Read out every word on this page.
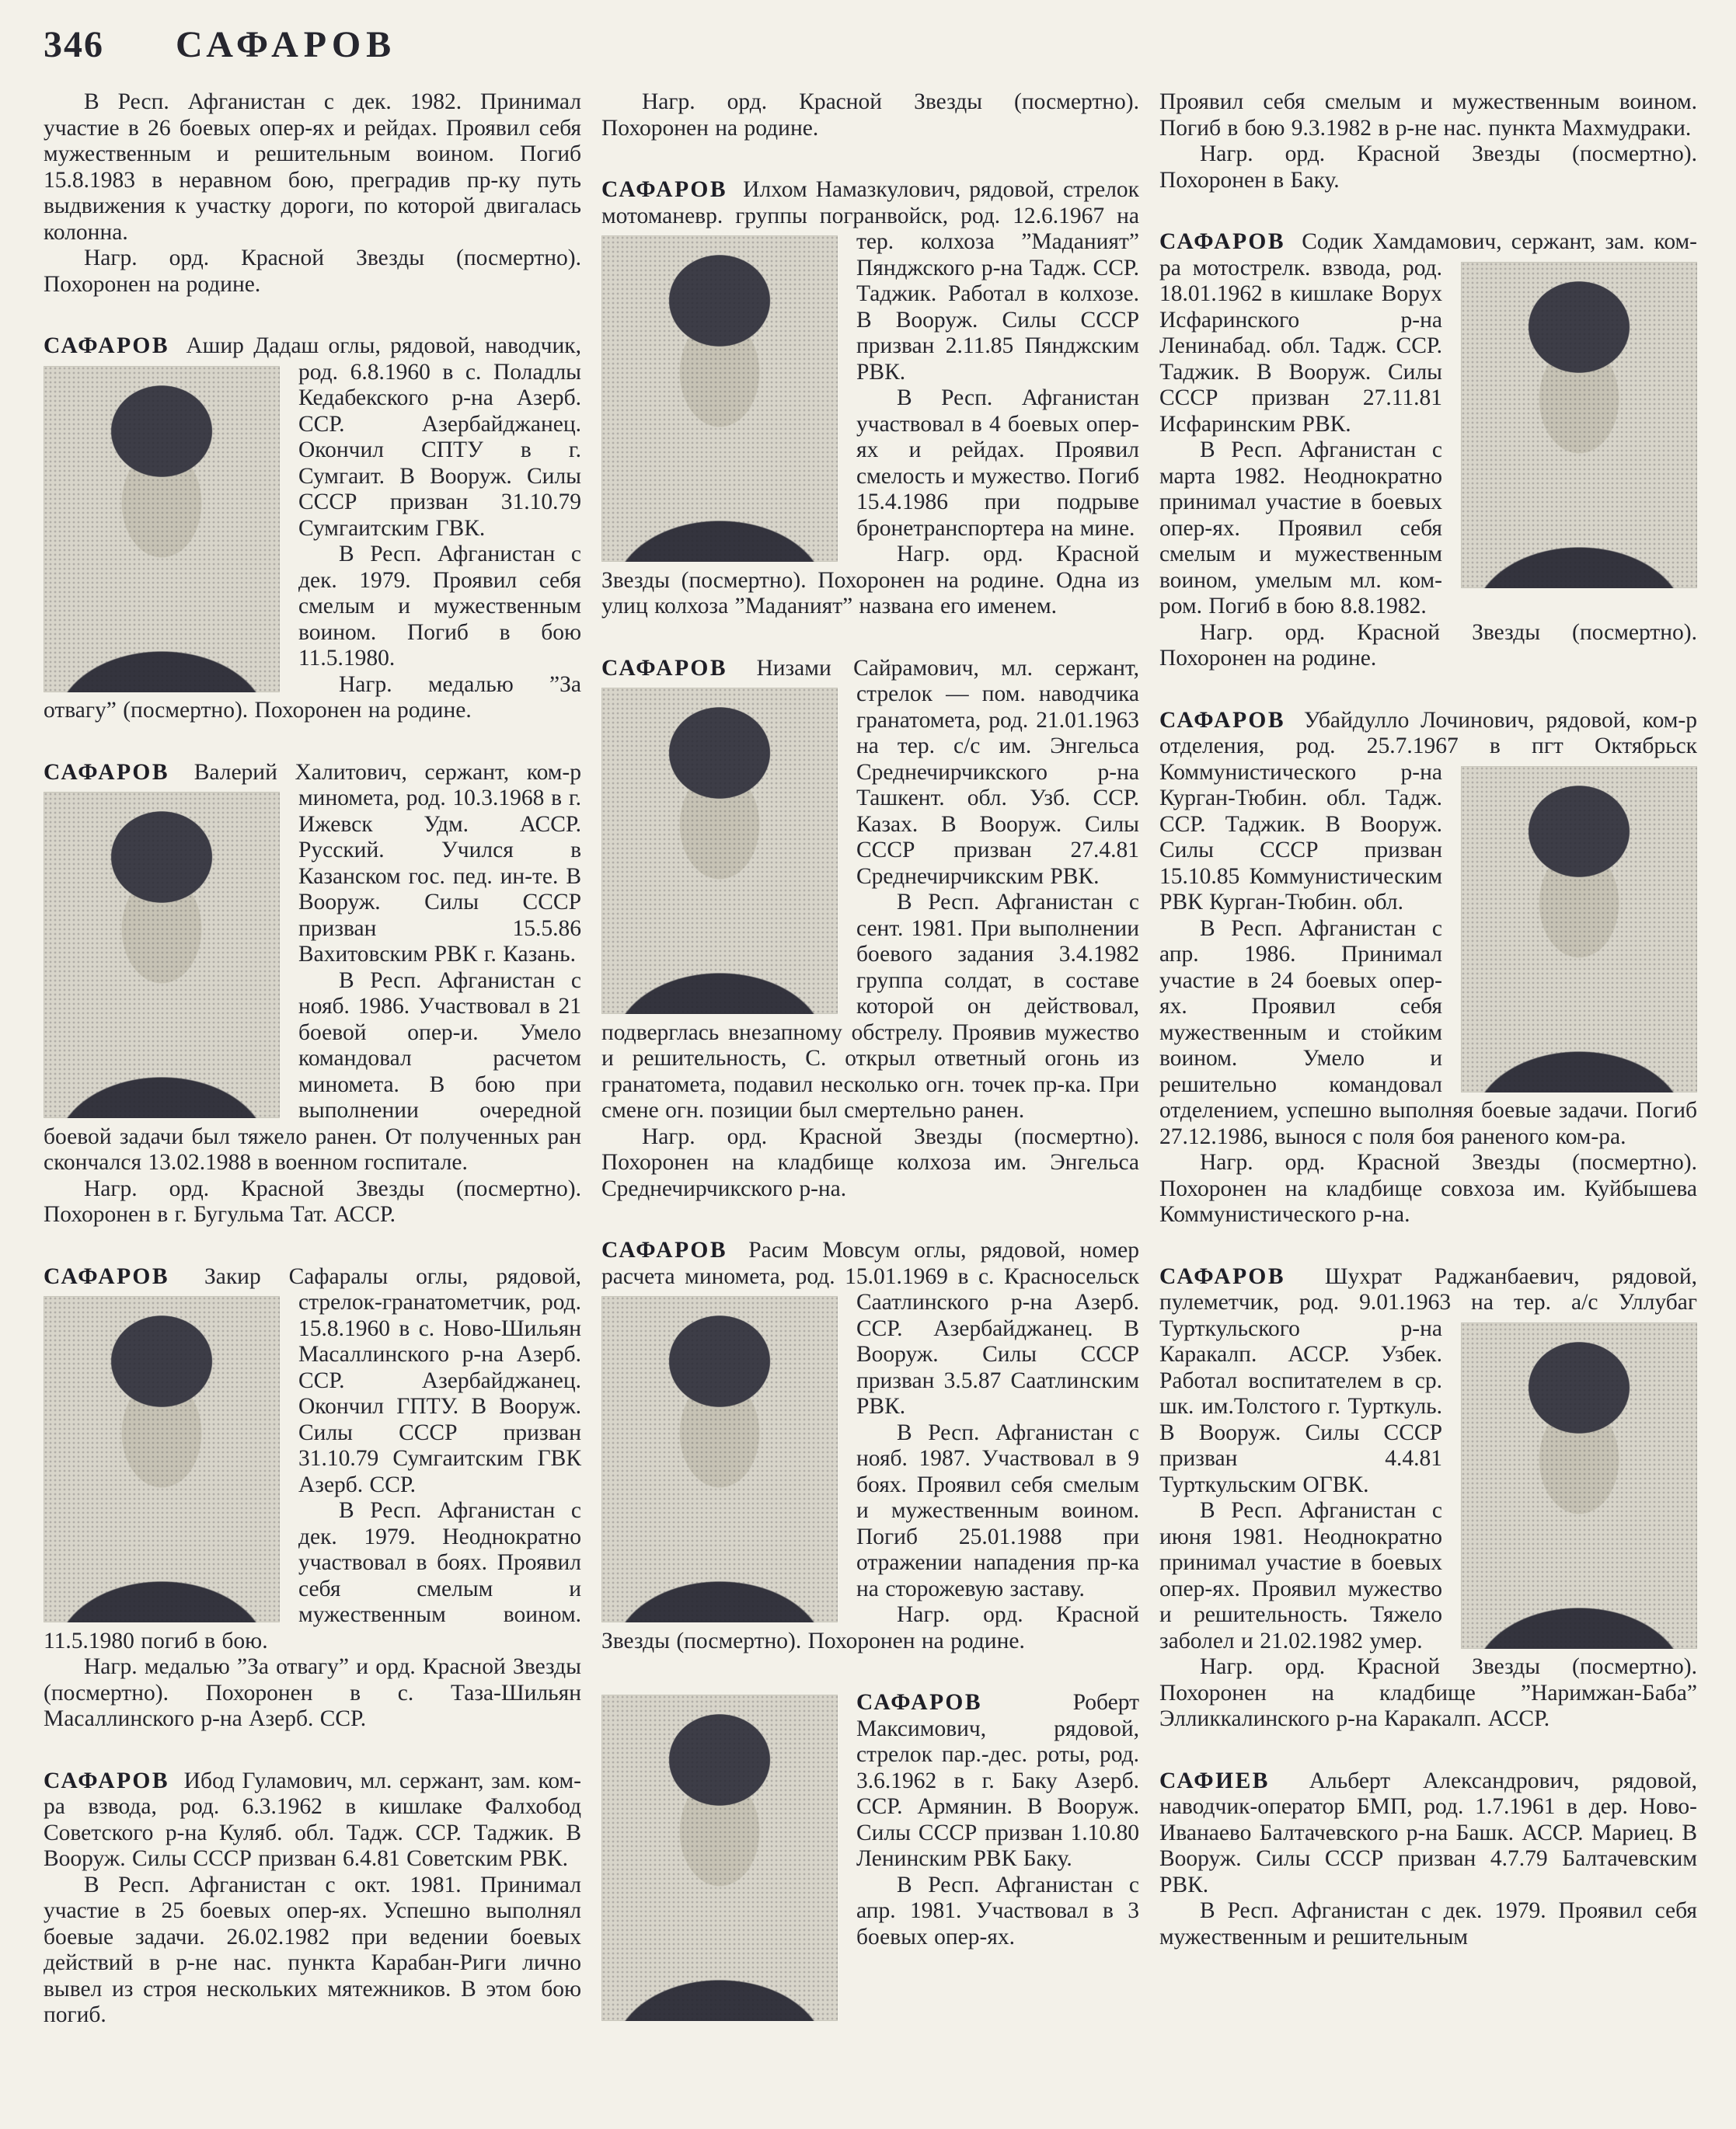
346 САФАРОВ

В Респ. Афганистан с дек. 1982. Принимал участие в 26 боевых опер-ях и рейдах. Проявил себя мужественным и решительным воином. Погиб 15.8.1983 в неравном бою, преградив пр-ку путь выдвижения к участку дороги, по которой двигалась колонна.

Нагр. орд. Красной Звезды (посмертно). Похоронен на родине.

САФАРОВ Ашир Дадаш оглы, рядовой, наводчик, род. 6.8.1960 в с. Поладлы
Кедабекского р-на Азерб. ССР. Азербайджанец. Окончил СПТУ в г. Сумгаит. В Вооруж. Силы СССР призван 31.10.79 Сумгаитским ГВК.

В Респ. Афганистан с дек. 1979. Проявил себя смелым и мужественным воином. Погиб в бою 11.5.1980.

Нагр. медалью ”За отвагу” (посмертно). Похоронен на родине.

САФАРОВ Валерий Халитович, сержант, ком-р миномета, род. 10.3.1968 в г.
Ижевск Удм. АССР. Русский. Учился в Казанском гос. пед. ин-те. В Вооруж. Силы СССР призван 15.5.86 Вахитовским РВК г. Казань.

В Респ. Афганистан с нояб. 1986. Участвовал в 21 боевой опер-и. Умело командовал расчетом миномета. В бою при выполнении очередной боевой задачи был тяжело ранен. От полученных ран скончался 13.02.1988 в военном госпитале.

Нагр. орд. Красной Звезды (посмертно). Похоронен в г. Бугульма Тат. АССР.

САФАРОВ Закир Сафаралы оглы, рядовой, стрелок-гранатометчик, род.
15.8.1960 в с. Ново-Шильян Масаллинского р-на Азерб. ССР. Азербайджанец. Окончил ГПТУ. В Вооруж. Силы СССР призван 31.10.79 Сумгаитским ГВК Азерб. ССР.

В Респ. Афганистан с дек. 1979. Неоднократно участвовал в боях. Проявил себя смелым и мужественным воином. 11.5.1980 погиб в бою.

Нагр. медалью ”За отвагу” и орд. Красной Звезды (посмертно). Похоронен в с. Таза-Шильян Масаллинского р-на Азерб. ССР.

САФАРОВ Ибод Гуламович, мл. сержант, зам. ком-ра взвода, род. 6.3.1962 в кишлаке Фалхобод Советского р-на Куляб. обл. Тадж. ССР. Таджик. В Вооруж. Силы СССР призван 6.4.81 Советским РВК.

В Респ. Афганистан с окт. 1981. Принимал участие в 25 боевых опер-ях. Успешно выполнял боевые задачи. 26.02.1982 при ведении боевых действий в р-не нас. пункта Карабан-Риги лично вывел из строя нескольких мятежников. В этом бою погиб.

Нагр. орд. Красной Звезды (посмертно). Похоронен на родине.

САФАРОВ Илхом Намазкулович, рядовой, стрелок мотоманевр. группы погранвойск, род. 12.6.1967 на тер. колхоза ”Маданият” Пянджского р-на Тадж. ССР. Таджик. Работал в колхозе. В Вооруж. Силы СССР призван 2.11.85 Пянджским РВК.

В Респ. Афганистан участвовал в 4 боевых опер-ях и рейдах. Проявил смелость и мужество. Погиб 15.4.1986 при подрыве бронетранспортера на мине.

Нагр. орд. Красной Звезды (посмертно). Похоронен на родине. Одна из улиц колхоза ”Маданият” названа его именем.

САФАРОВ Низами Сайрамович, мл. сержант, стрелок — пом. наводчика
гранатомета, род. 21.01.1963 на тер. с/с им. Энгельса Среднечирчикского р-на Ташкент. обл. Узб. ССР. Казах. В Вооруж. Силы СССР призван 27.4.81 Среднечирчикским РВК.

В Респ. Афганистан с сент. 1981. При выполнении боевого задания 3.4.1982 группа солдат, в составе которой он действовал, подверглась внезапному обстрелу. Проявив мужество и решительность, С. открыл ответный огонь из гранатомета, подавил несколько огн. точек пр-ка. При смене огн. позиции был смертельно ранен.

Нагр. орд. Красной Звезды (посмертно). Похоронен на кладбище колхоза им. Энгельса Среднечирчикского р-на.

САФАРОВ Расим Мовсум оглы, рядовой, номер расчета миномета, род. 15.01.1969 в с. Красносельск Саатлинского р-на Азерб. ССР. Азербайджанец. В Вооруж. Силы СССР призван 3.5.87 Саатлинским РВК.

В Респ. Афганистан с нояб. 1987. Участвовал в 9 боях. Проявил себя смелым и мужественным воином. Погиб 25.01.1988 при отражении нападения пр-ка на сторожевую заставу.

Нагр. орд. Красной Звезды (посмертно). Похоронен на родине.

САФАРОВ	Роберт Максимович, рядовой, стрелок пар.-дес. роты, род. 3.6.1962 в г. Баку Азерб. ССР. Армянин. В Вооруж. Силы СССР призван 1.10.80 Ленинским РВК Баку.

В Респ. Афганистан с апр. 1981. Участвовал в 3 боевых опер-ях.

Проявил себя смелым и мужественным воином. Погиб в бою 9.3.1982 в р-не нас. пункта Махмудраки.

Нагр. орд. Красной Звезды (посмертно). Похоронен в Баку.

САФАРОВ Содик Хамдамович, сержант, зам. ком-ра мотострелк. взвода, род.
18.01.1962 в кишлаке Ворух Исфаринского р-на Ленинабад. обл. Тадж. ССР. Таджик. В Вооруж. Силы СССР призван 27.11.81 Исфаринским РВК.

В Респ. Афганистан с марта 1982. Неоднократно принимал участие в боевых опер-ях. Проявил себя смелым и мужественным воином, умелым мл. ком-ром. Погиб в бою 8.8.1982.

Нагр. орд. Красной Звезды (посмертно). Похоронен на родине.

САФАРОВ Убайдулло Лочинович, рядовой, ком-р отделения, род. 25.7.1967 в пгт Октябрьск Коммунистического р-на Курган-Тюбин. обл. Тадж. ССР. Таджик. В Вооруж. Силы СССР призван 15.10.85 Коммунистическим РВК Курган-Тюбин. обл.

В Респ. Афганистан с апр. 1986. Принимал участие в 24 боевых опер-ях. Проявил себя мужественным и стойким воином. Умело и решительно командовал отделением, успешно выполняя боевые задачи. Погиб 27.12.1986, вынося с поля боя раненого ком-ра.

Нагр. орд. Красной Звезды (посмертно). Похоронен на кладбище совхоза им. Куйбышева Коммунистического р-на.

САФАРОВ Шухрат Раджанбаевич, рядовой, пулеметчик, род. 9.01.1963 на тер. а/с Уллубаг Турткульского р-на Каракалп. АССР. Узбек. Работал воспитателем в ср. шк. им.Толстого г. Турткуль. В Вооруж. Силы СССР призван 4.4.81 Турткульским ОГВК.

В Респ. Афганистан с июня 1981. Неоднократно принимал участие в боевых опер-ях. Проявил мужество и решительность. Тяжело заболел и 21.02.1982 умер.

Нагр. орд. Красной Звезды (посмертно). Похоронен на кладбище ”Наримжан-Баба” Элликкалинского р-на Каракалп. АССР.

САФИЕВ Альберт Александрович, рядовой, наводчик-оператор БМП, род. 1.7.1961 в дер. Ново-Иванаево Балтачевского р-на Башк. АССР. Мариец. В Вооруж. Силы СССР призван 4.7.79 Балтачевским РВК.

В Респ. Афганистан с дек. 1979. Проявил себя мужественным и решительным
